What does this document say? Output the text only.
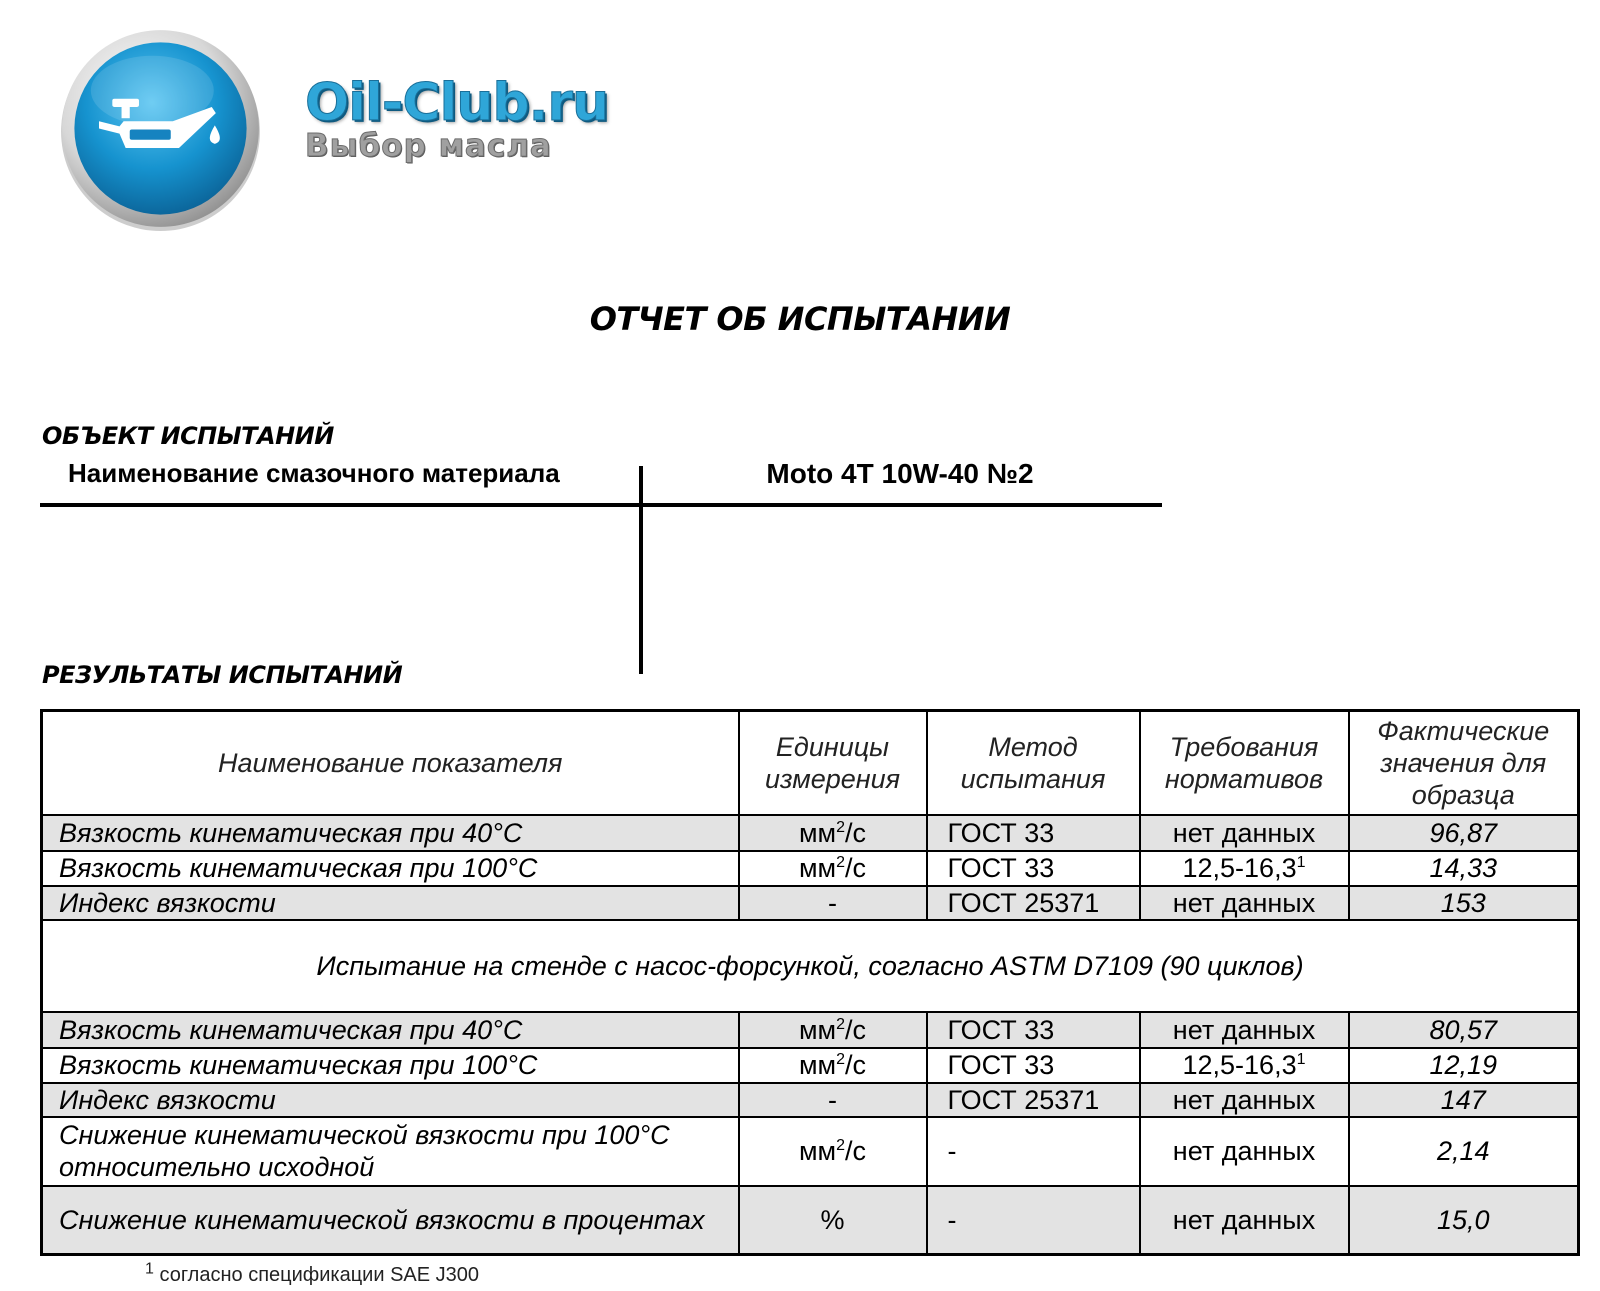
Oil-Club.ru
Выбор масла
ОТЧЕТ ОБ ИСПЫТАНИИ
ОБЪЕКТ ИСПЫТАНИЙ
Наименование смазочного материала	Moto 4T 10W-40 №2
РЕЗУЛЬТАТЫ ИСПЫТАНИЙ
Наименование показателя	Единицы измерения	Метод испытания	Требования нормативов	Фактические значения для образца
Вязкость кинематическая при 40°C	$мм^2/с$	ГОСТ 33	нет данных	96,87
Вязкость кинематическая при 100°C	$мм^2/с$	ГОСТ 33	12,5-16,3$^1$	14,33
Индекс вязкости	-	ГОСТ 25371	нет данных	153
Испытание на стенде с насос-форсункой, согласно ASTM D7109 (90 циклов)				
Вязкость кинематическая при 40°C	$мм^2/с$	ГОСТ 33	нет данных	80,57
Вязкость кинематическая при 100°C	$мм^2/с$	ГОСТ 33	12,5-16,3$^1$	12,19
Индекс вязкости	-	ГОСТ 25371	нет данных	147
Снижение кинематической вязкости при 100°C относительно исходной	$мм^2/с$	-	нет данных	2,14
Снижение кинематической вязкости в процентах	%	-	нет данных	15,0
$^1$ согласно спецификации SAE J300
